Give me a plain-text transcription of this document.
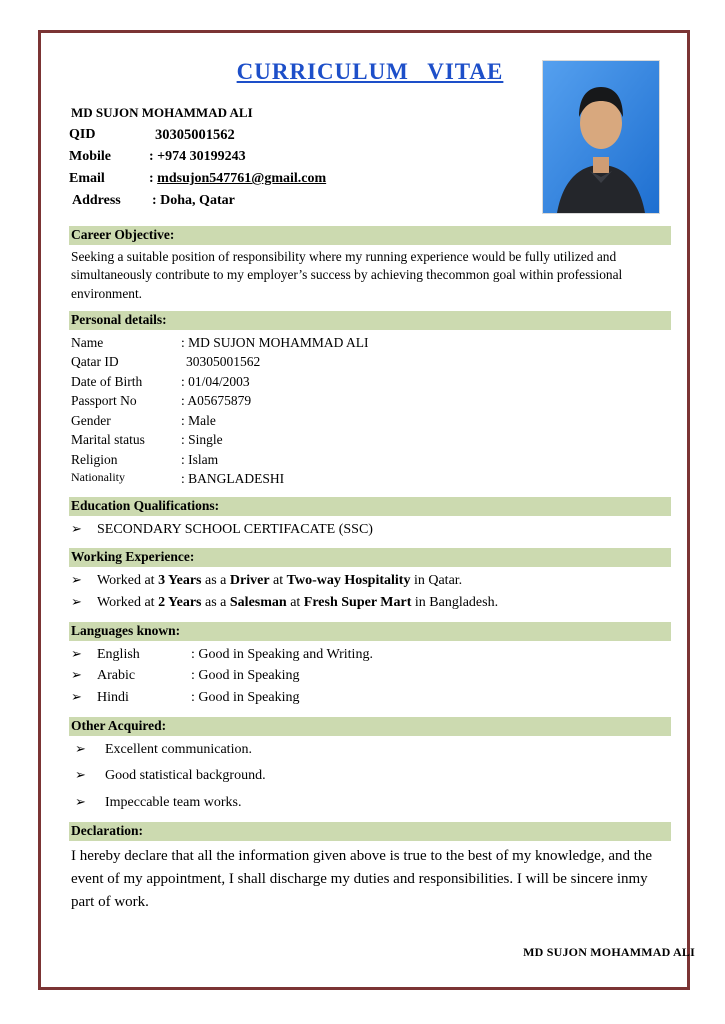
CURRICULUM VITAE
MD SUJON MOHAMMAD ALI
QID	30305001562
Mobile	: +974 30199243
Email	: mdsujon547761@gmail.com
Address	: Doha, Qatar
Career Objective:
Seeking a suitable position of responsibility where my running experience would be fully utilized and simultaneously contribute to my employer’s success by achieving thecommon goal within professional environment.
Personal details:
Name	: MD SUJON MOHAMMAD ALI
Qatar ID	30305001562
Date of Birth	: 01/04/2003
Passport No	: A05675879
Gender	: Male
Marital status	: Single
Religion	: Islam
Nationality	: BANGLADESHI
Education Qualifications:
➢	SECONDARY SCHOOL CERTIFACATE (SSC)
Working Experience:
➢	Worked at 3 Years as a Driver at Two-way Hospitality in Qatar.
➢	Worked at 2 Years as a Salesman at Fresh Super Mart in Bangladesh.
Languages known:
➢	English	: Good in Speaking and Writing.
➢	Arabic	: Good in Speaking
➢	Hindi	: Good in Speaking
Other Acquired:
➢	Excellent communication.
➢	Good statistical background.
➢	Impeccable team works.
Declaration:
I hereby declare that all the information given above is true to the best of my knowledge, and the event of my appointment, I shall discharge my duties and responsibilities. I will be sincere inmy part of work.
MD SUJON MOHAMMAD ALI
